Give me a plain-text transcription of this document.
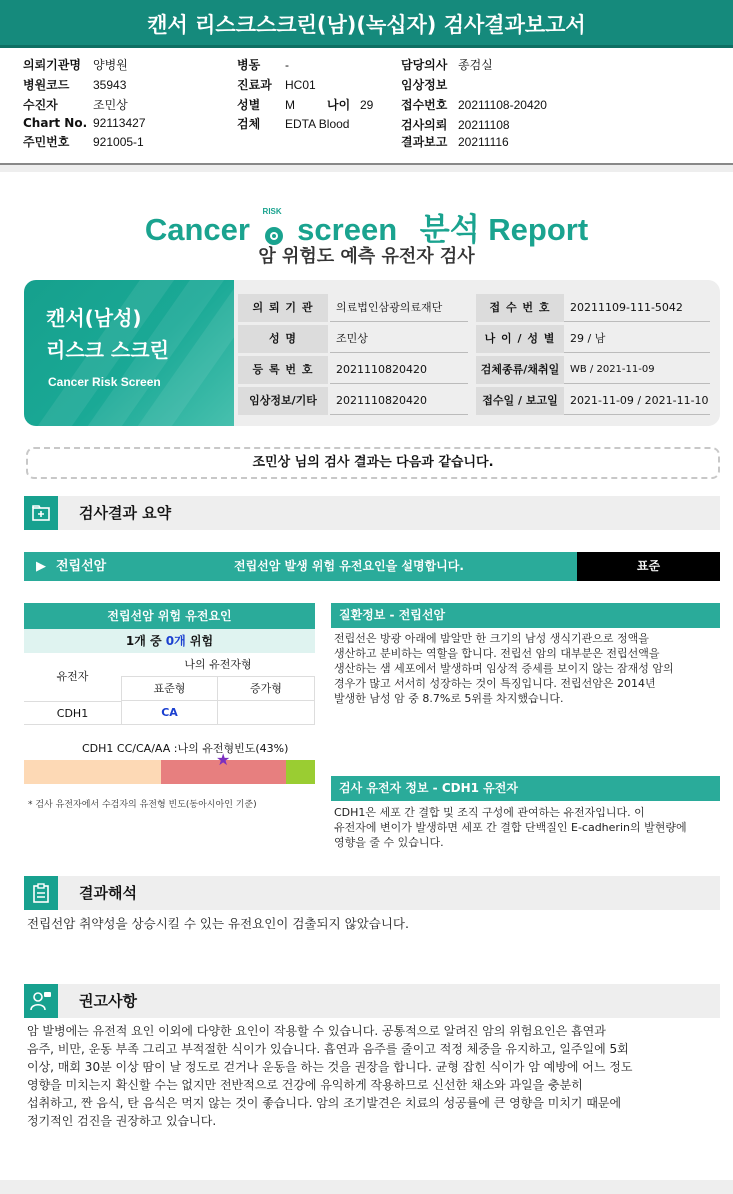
캔서 리스크스크린(남)(녹십자) 검사결과보고서
의뢰기관명 양병원
병원코드 35943
수진자	조민상
Chart No. 92113427
주민번호 921005-1
병동 -
진료과 HC01
성별 M	나이 29
검체 EDTA Blood
담당의사 종검실
임상정보
접수번호 20211108-20420
검사의뢰 20211108
결과보고 20211116
Cancer
RISK
screen 분석 Report
암 위험도 예측 유전자 검사
캔서(남성)
리스크 스크린
Cancer Risk Screen
의 뢰 기 관	의료법인삼광의료재단	접 수 번 호	20211109-111-5042
성 명	조민상	나 이 / 성 별	29 / 남
등 록 번 호	2021110820420	검체종류/채취일	WB / 2021-11-09
임상정보/기타	2021110820420	접수일 / 보고일	2021-11-09 / 2021-11-10
조민상 님의 검사 결과는 다음과 같습니다.
검사결과 요약
▶ 전립선암	전립선암 발생 위험 유전요인을 설명합니다.	표준
전립선암 위험 유전요인
1개 중 0개 위험
나의 유전자형
유전자
표준형	증가형
CDH1	CA
CDH1 CC/CA/AA :나의 유전형빈도(43%)
★
* 검사 유전자에서 수검자의 유전형 빈도(동아시아인 기준)
질환정보 - 전립선암
전립선은 방광 아래에 밤알만 한 크기의 남성 생식기관으로 정액을
생산하고 분비하는 역할을 합니다. 전립선 암의 대부분은 전립선액을
생산하는 샘 세포에서 발생하며 임상적 증세를 보이지 않는 잠재성 암의
경우가 많고 서서히 성장하는 것이 특징입니다. 전립선암은 2014년
발생한 남성 암 중 8.7%로 5위를 차지했습니다.
검사 유전자 정보 - CDH1 유전자
CDH1은 세포 간 결합 및 조직 구성에 관여하는 유전자입니다. 이
유전자에 변이가 발생하면 세포 간 결합 단백질인 E-cadherin의 발현량에
영향을 줄 수 있습니다.
결과해석
전립선암 취약성을 상승시킬 수 있는 유전요인이 검출되지 않았습니다.
권고사항
암 발병에는 유전적 요인 이외에 다양한 요인이 작용할 수 있습니다. 공통적으로 알려진 암의 위험요인은 흡연과
음주, 비만, 운동 부족 그리고 부적절한 식이가 있습니다. 흡연과 음주를 줄이고 적정 체중을 유지하고, 일주일에 5회
이상, 매회 30분 이상 땀이 날 정도로 걷거나 운동을 하는 것을 권장을 합니다. 균형 잡힌 식이가 암 예방에 어느 정도
영향을 미치는지 확신할 수는 없지만 전반적으로 건강에 유익하게 작용하므로 신선한 채소와 과일을 충분히
섭취하고, 짠 음식, 탄 음식은 먹지 않는 것이 좋습니다. 암의 조기발견은 치료의 성공률에 큰 영향을 미치기 때문에
정기적인 검진을 권장하고 있습니다.
